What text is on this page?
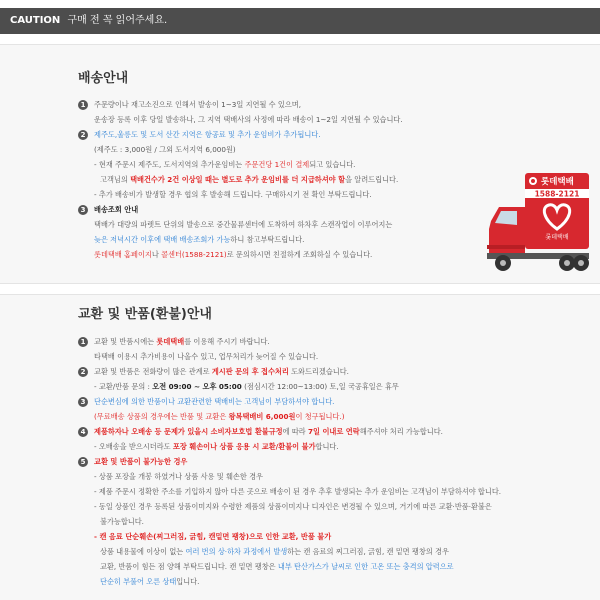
CAUTION 구매 전 꼭 읽어주세요.
배송안내
1	주문량이나 재고소진으로 인해서 발송이 1~3일 지연될 수 있으며,
운송장 등록 이후 당일 발송하나, 그 지역 택배사의 사정에 따라 배송이 1~2일 지연될 수 있습니다.
2	제주도,울릉도 및 도서 산간 지역은 항공료 및 추가 운임비가 추가됩니다.
(제주도 : 3,000원 / 그외 도서지역 6,000원)
- 현재 주문시 제주도, 도서지역의 추가운임비는 주문건당 1건이 결제되고 있습니다.
고객님의 택배건수가 2건 이상일 때는 별도로 추가 운임비를 더 지급하셔야 할을 알려드립니다.
- 추가 배송비가 발생할 경우 협의 후 발송해 드립니다. 구매하시기 전 확인 부탁드립니다.
3	배송조회 안내
택배가 대량의 파렛트 단위의 발송으로 중간물류센터에 도착하여 하차후 스캔작업이 이루어지는
늦은 저녁시간 이후에 택배 배송조회가 가능하니 참고부탁드립니다.
롯데택배 홈페이지나 콜센터(1588-2121)로 문의하시면 친절하게 조회하실 수 있습니다.
롯데택배
1588-2121
롯데택배
교환 및 반품(환불)안내
1	교환 및 반품시에는 롯데택배를 이용해 주시기 바랍니다.
타택배 이용시 추가비용이 나올수 있고, 업무처리가 늦어질 수 있습니다.
2	교환 및 반품은 전화량이 많은 관계로 게시판 문의 후 접수처리 도와드리겠습니다.
- 교환/반품 문의 : 오전 09:00 ~ 오후 05:00 (점심시간 12:00~13:00) 토,일 국공휴일은 휴무
3	단순변심에 의한 반품이나 교환관련한 택배비는 고객님이 부담하셔야 합니다.
(무료배송 상품의 경우에는 반품 및 교환은 왕복택배비 6,000원이 청구됩니다.)
4	제품하자나 오배송 등 문제가 있을시 소비자보호법 환불규정에 따라 7일 이내로 연락해주셔야 처리 가능합니다.
- 오배송을 받으시더라도 포장 훼손이나 상품 응용 시 교환/환불이 불가합니다.
5	교환 및 반품이 불가능한 경우
- 상품 포장을 개봉 하였거나 상품 사용 및 훼손한 경우
- 제품 주문시 정확한 주소를 기입하지 않아 다른 곳으로 배송이 된 경우 추후 발생되는 추가 운임비는 고객님이 부담하셔야 합니다.
- 동일 상품인 경우 등록된 상품이미지와 수령한 제품의 상품이미지나 디자인은 변경될 수 있으며, 거기에 따른 교환·반품·환불은
불가능합니다.
- 캔 음료 단순훼손(찌그러짐, 긁힘, 캔밑면 팽창)으로 인한 교환, 반품 불가
상품 내용물에 이상이 없는 여러 번의 상·하차 과정에서 발생하는 캔 음료의 찌그러짐, 긁힘, 캔 밑면 팽창의 경우
교환, 반품이 힘든 점 양해 부탁드립니다. 캔 밑면 팽창은 내부 탄산가스가 날씨로 인한 고온 또는 충격의 압력으로
단순히 부풀어 오른 상태입니다.
